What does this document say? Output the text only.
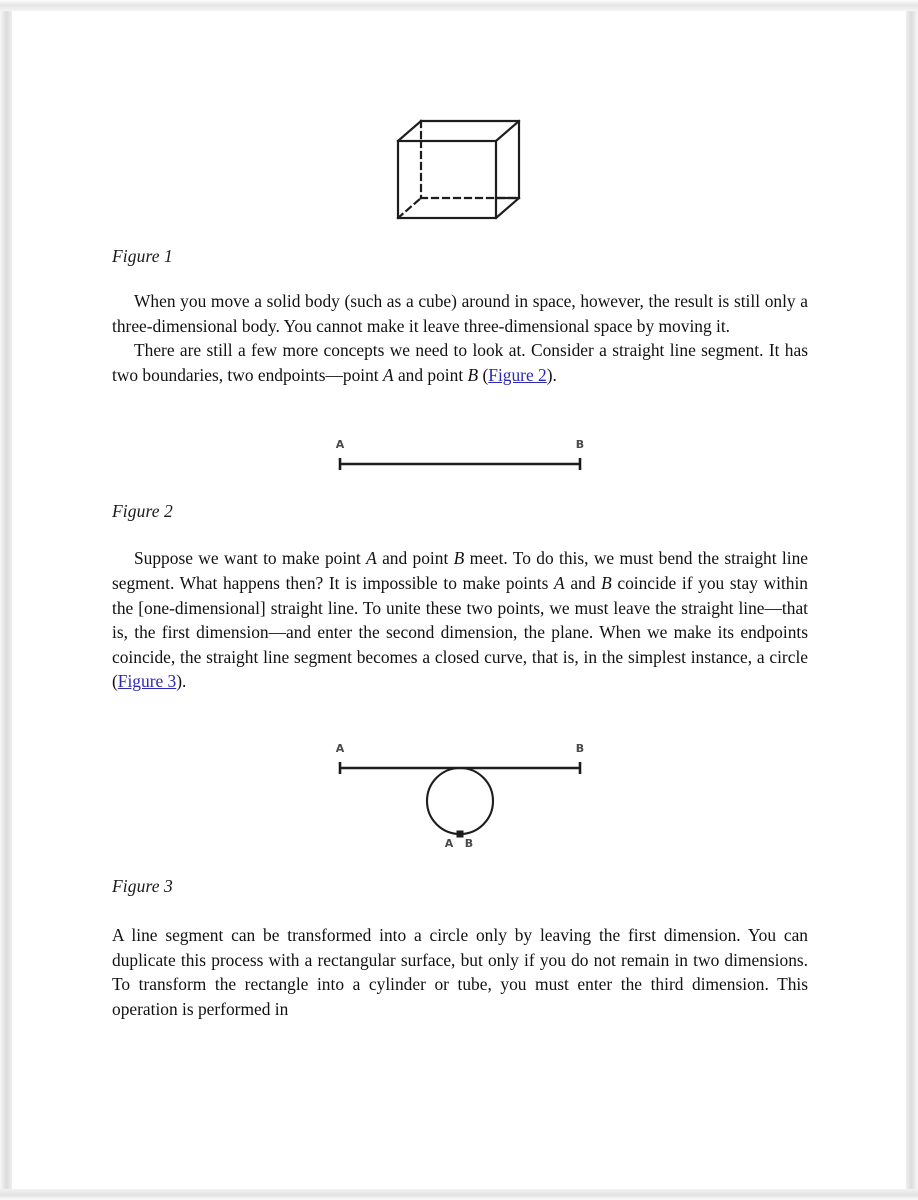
Figure 1

When you move a solid body (such as a cube) around in space, however, the result is still only a three-dimensional body. You cannot make it leave three-dimensional space by moving it.

There are still a few more concepts we need to look at. Consider a straight line segment. It has two boundaries, two endpoints—point A and point B (Figure 2).

A	B
Figure 2

Suppose we want to make point A and point B meet. To do this, we must bend the straight line segment. What happens then? It is impossible to make points A and B coincide if you stay within the [one-dimensional] straight line. To unite these two points, we must leave the straight line—that is, the first dimension—and enter the second dimension, the plane. When we make its endpoints coincide, the straight line segment becomes a closed curve, that is, in the simplest instance, a circle (Figure 3).

A	B
A B
Figure 3

A line segment can be transformed into a circle only by leaving the first dimension. You can duplicate this process with a rectangular surface, but only if you do not remain in two dimensions. To transform the rectangle into a cylinder or tube, you must enter the third dimension. This operation is performed in
